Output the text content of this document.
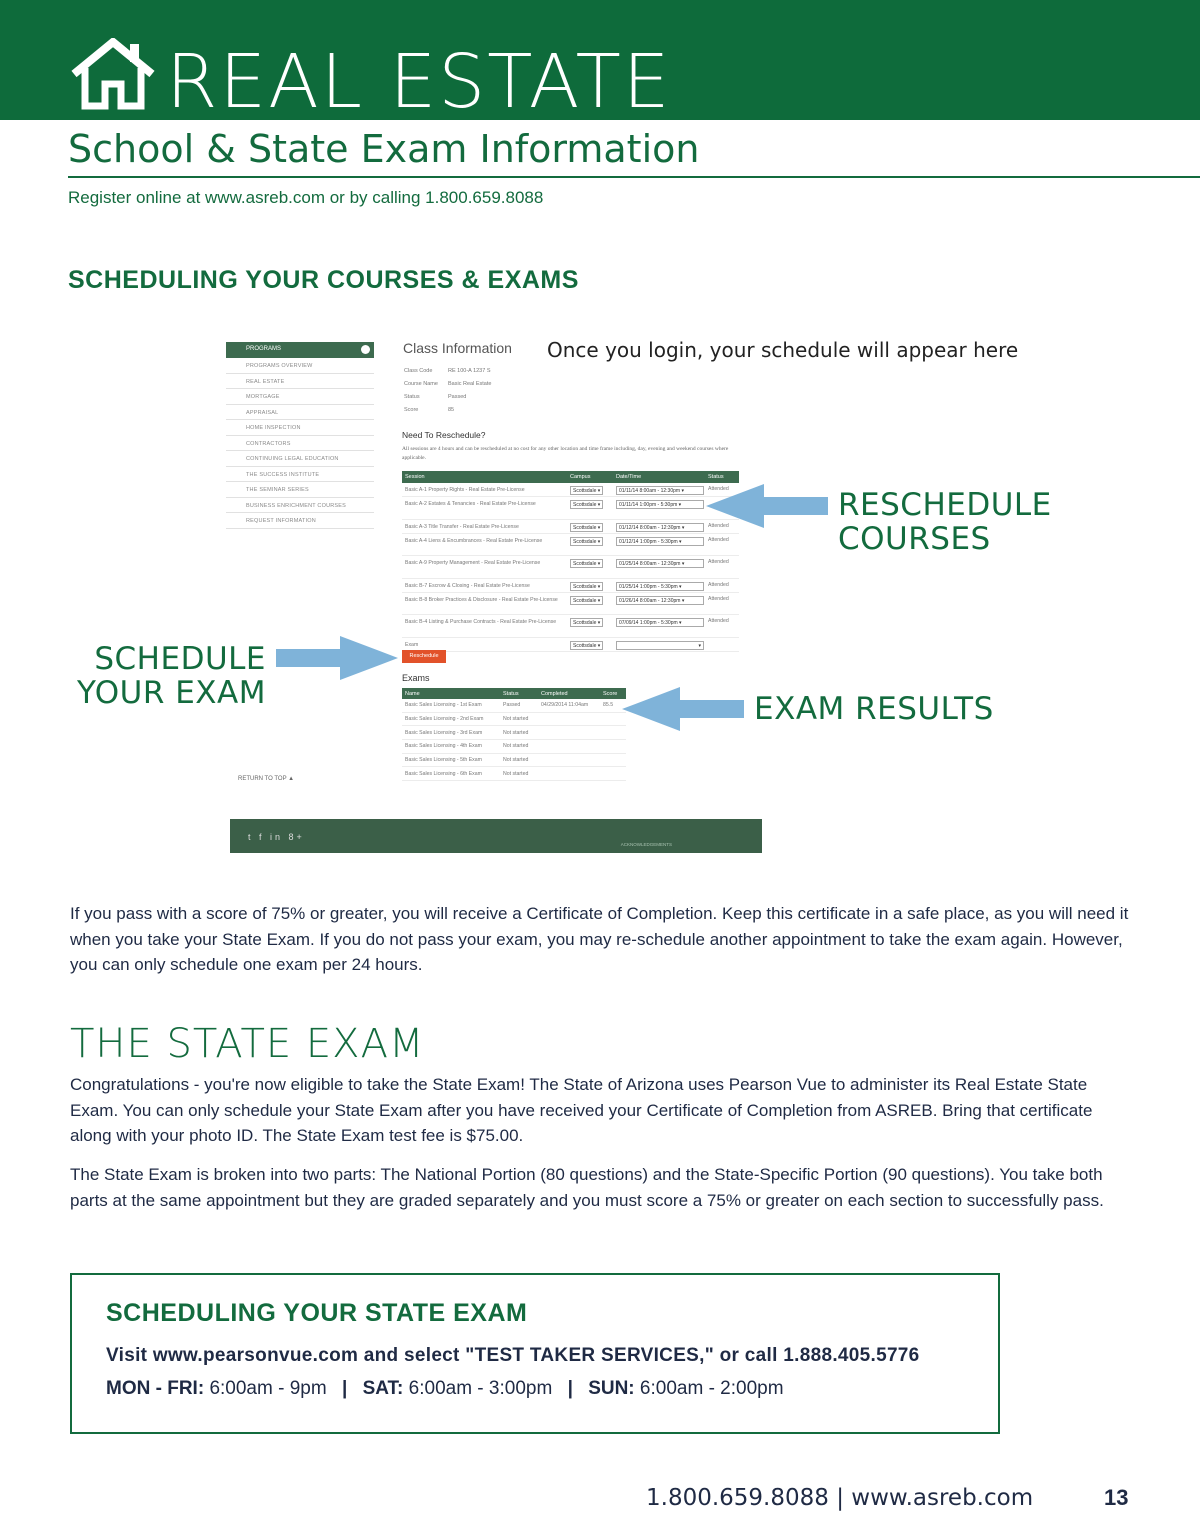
REAL ESTATE
School & State Exam Information
Register online at www.asreb.com or by calling 1.800.659.8088
SCHEDULING YOUR COURSES & EXAMS
PROGRAMS
PROGRAMS OVERVIEW
REAL ESTATE
MORTGAGE
APPRAISAL
HOME INSPECTION
CONTRACTORS
CONTINUING LEGAL EDUCATION
THE SUCCESS INSTITUTE
THE SEMINAR SERIES
BUSINESS ENRICHMENT COURSES
REQUEST INFORMATION
RETURN TO TOP ▲
Class Information Once you login, your schedule will appear here
Class Code	RE 100-A 1237 S
Course Name	Basic Real Estate
Status	Passed
Score	85
Need To Reschedule?
All sessions are 4 hours and can be rescheduled at no cost for any other location and time frame including, day, evening and weekend courses where applicable.
Session	Campus	Date/Time	Status
Basic A-1 Property Rights - Real Estate Pre-License	Scottsdale ▾	01/11/14 8:00am - 12:30pm ▾	Attended
Basic A-2 Estates & Tenancies - Real Estate Pre-License	Scottsdale ▾	01/11/14 1:00pm - 5:30pm ▾
Basic A-3 Title Transfer - Real Estate Pre-License	Scottsdale ▾	01/12/14 8:00am - 12:30pm ▾	Attended
Basic A-4 Liens & Encumbrances - Real Estate Pre-License	Scottsdale ▾	01/12/14 1:00pm - 5:30pm ▾	Attended
Basic A-9 Property Management - Real Estate Pre-License	Scottsdale ▾	01/25/14 8:00am - 12:30pm ▾	Attended
Basic B-7 Escrow & Closing - Real Estate Pre-License	Scottsdale ▾	01/25/14 1:00pm - 5:30pm ▾	Attended
Basic B-8 Broker Practices & Disclosure - Real Estate Pre-License	Scottsdale ▾	01/26/14 8:00am - 12:30pm ▾	Attended
Basic B-4 Listing & Purchase Contracts - Real Estate Pre-License	Scottsdale ▾	07/09/14 1:00pm - 5:30pm ▾	Attended
Exam	Scottsdale ▾	▾
Reschedule
Exams
Name	Status	Completed	Score
Basic Sales Licensing - 1st Exam	Passed	04/29/2014 11:04am	85.5
Basic Sales Licensing - 2nd Exam	Not started
Basic Sales Licensing - 3rd Exam	Not started
Basic Sales Licensing - 4th Exam	Not started
Basic Sales Licensing - 5th Exam	Not started
Basic Sales Licensing - 6th Exam	Not started
t f in 8+
ACKNOWLEDGEMENTS
RESCHEDULE
COURSES
SCHEDULE
YOUR EXAM	EXAM RESULTS
If you pass with a score of 75% or greater, you will receive a Certificate of Completion. Keep this certificate in a safe place, as you will need it when you take your State Exam. If you do not pass your exam, you may re-schedule another appointment to take the exam again. However, you can only schedule one exam per 24 hours.
THE STATE EXAM
Congratulations - you're now eligible to take the State Exam! The State of Arizona uses Pearson Vue to administer its Real Estate State Exam. You can only schedule your State Exam after you have received your Certificate of Completion from ASREB. Bring that certificate along with your photo ID. The State Exam test fee is $75.00.
The State Exam is broken into two parts: The National Portion (80 questions) and the State-Specific Portion (90 questions). You take both parts at the same appointment but they are graded separately and you must score a 75% or greater on each section to successfully pass.
SCHEDULING YOUR STATE EXAM
Visit www.pearsonvue.com and select "TEST TAKER SERVICES," or call 1.888.405.5776
MON - FRI: 6:00am - 9pm | SAT: 6:00am - 3:00pm | SUN: 6:00am - 2:00pm
1.800.659.8088 | www.asreb.com	13
